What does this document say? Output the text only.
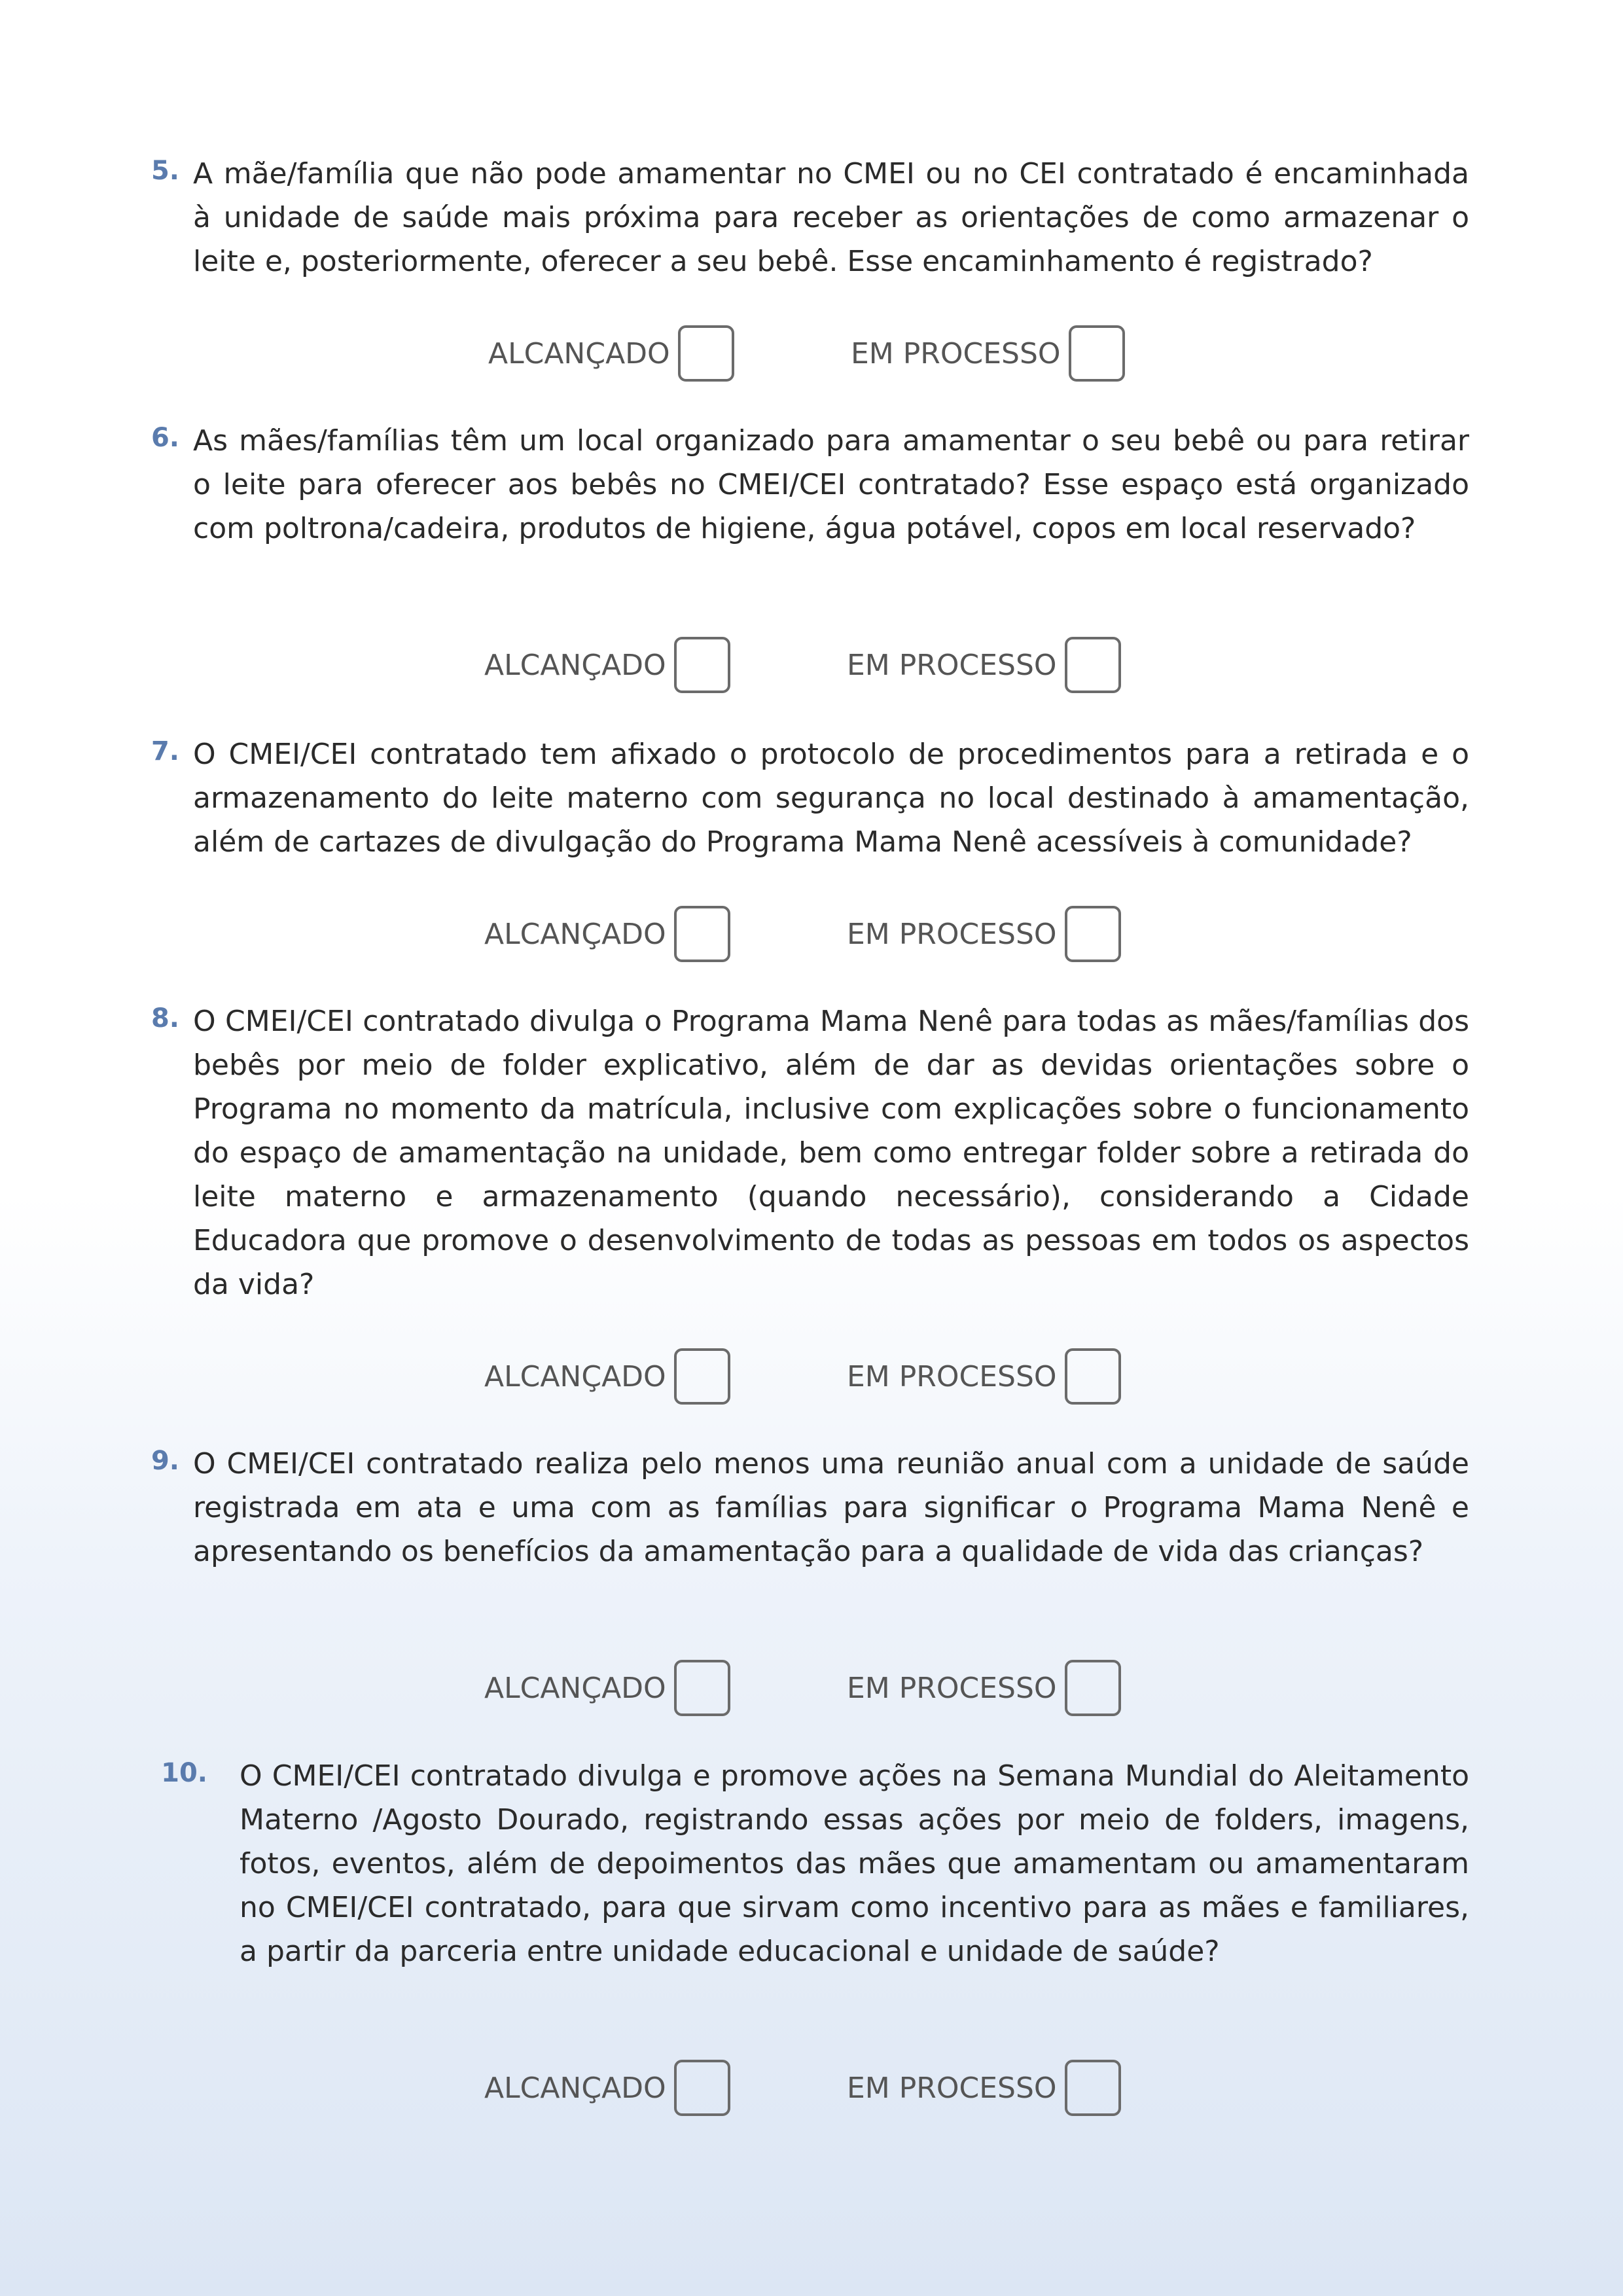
5. A mãe/família que não pode amamentar no CMEI ou no CEI contratado é encaminhada à unidade de saúde mais próxima para receber as orientações de como armazenar o leite e, posteriormente, oferecer a seu bebê. Esse encaminhamento é registrado?

ALCANÇADO	EM PROCESSO
6. As mães/famílias têm um local organizado para amamentar o seu bebê ou para retirar o leite para oferecer aos bebês no CMEI/CEI contratado? Esse espaço está organizado com poltrona/cadeira, produtos de higiene, água potável, copos em local reservado?

ALCANÇADO	EM PROCESSO
7. O CMEI/CEI contratado tem afixado o protocolo de procedimentos para a retirada e o armazenamento do leite materno com segurança no local destinado à amamentação, além de cartazes de divulgação do Programa Mama Nenê acessíveis à comunidade?

ALCANÇADO	EM PROCESSO
8. O CMEI/CEI contratado divulga o Programa Mama Nenê para todas as mães/famílias dos bebês por meio de folder explicativo, além de dar as devidas orientações sobre o Programa no momento da matrícula, inclusive com explicações sobre o funcionamento do espaço de amamentação na unidade, bem como entregar folder sobre a retirada do leite materno e armazenamento (quando necessário), considerando a Cidade Educadora que promove o desenvolvimento de todas as pessoas em todos os aspectos da vida?

ALCANÇADO	EM PROCESSO
9. O CMEI/CEI contratado realiza pelo menos uma reunião anual com a unidade de saúde registrada em ata e uma com as famílias para significar o Programa Mama Nenê e apresentando os benefícios da amamentação para a qualidade de vida das crianças?

ALCANÇADO	EM PROCESSO
10. O CMEI/CEI contratado divulga e promove ações na Semana Mundial do Aleitamento Materno /Agosto Dourado, registrando essas ações por meio de folders, imagens, fotos, eventos, além de depoimentos das mães que amamentam ou amamentaram no CMEI/CEI contratado, para que sirvam como incentivo para as mães e familiares, a partir da parceria entre unidade educacional e unidade de saúde?

ALCANÇADO	EM PROCESSO
